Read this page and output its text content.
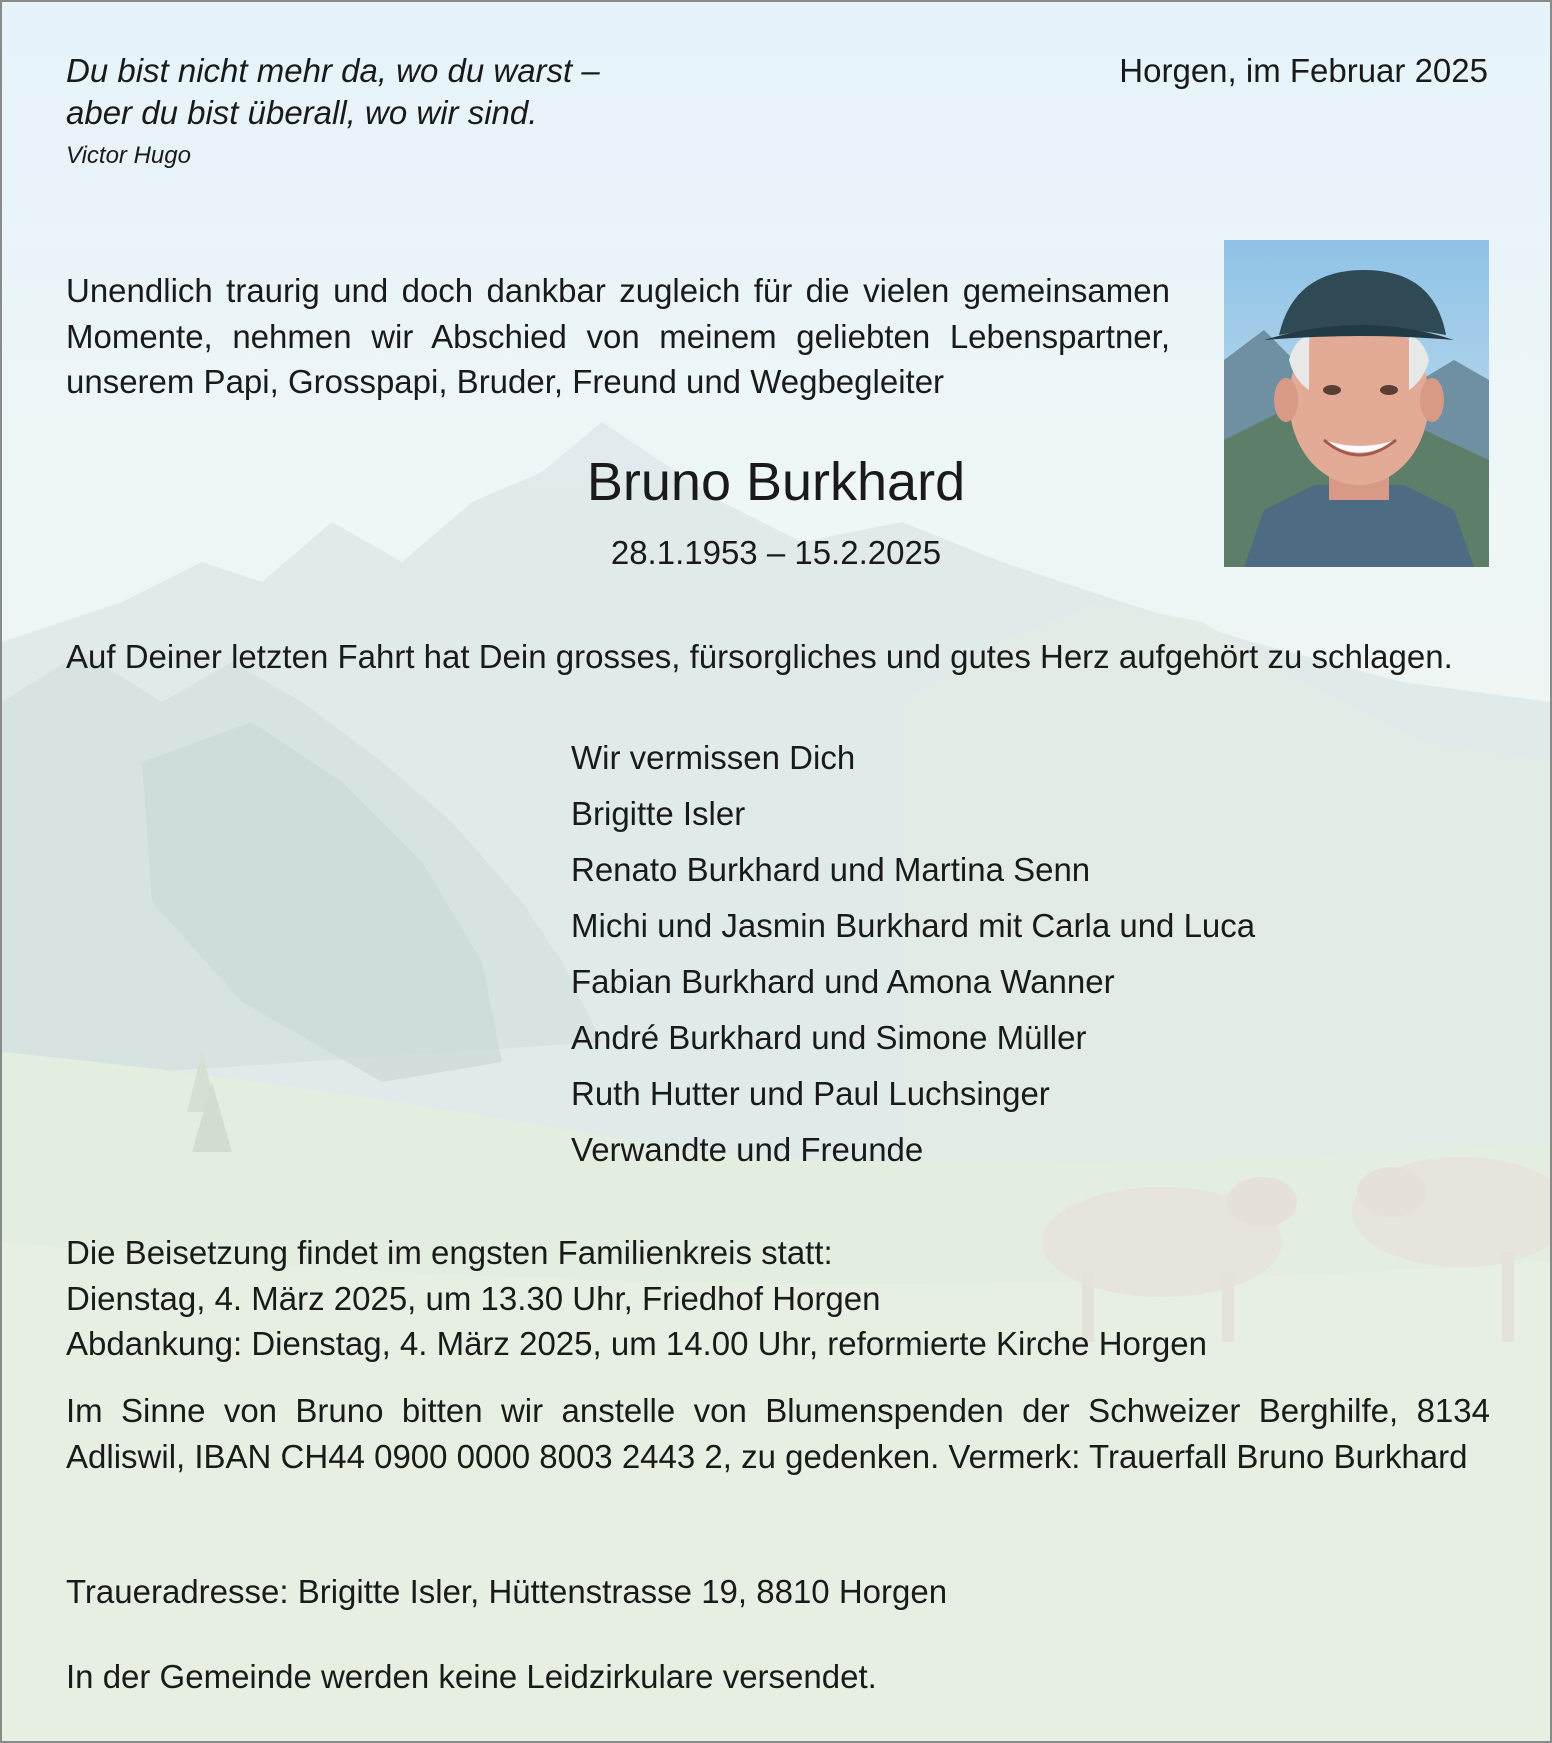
Du bist nicht mehr da, wo du warst –
aber du bist überall, wo wir sind.
Victor Hugo
Horgen, im Februar 2025
Unendlich traurig und doch dankbar zugleich für die vielen gemeinsamen Momente, nehmen wir Abschied von meinem geliebten Lebenspartner, unserem Papi, Grosspapi, Bruder, Freund und Wegbegleiter
Bruno Burkhard
28.1.1953 – 15.2.2025
Auf Deiner letzten Fahrt hat Dein grosses, fürsorgliches und gutes Herz aufgehört zu schlagen.
Wir vermissen Dich
Brigitte Isler
Renato Burkhard und Martina Senn
Michi und Jasmin Burkhard mit Carla und Luca
Fabian Burkhard und Amona Wanner
André Burkhard und Simone Müller
Ruth Hutter und Paul Luchsinger
Verwandte und Freunde
Die Beisetzung findet im engsten Familienkreis statt:
Dienstag, 4. März 2025, um 13.30 Uhr, Friedhof Horgen
Abdankung: Dienstag, 4. März 2025, um 14.00 Uhr, reformierte Kirche Horgen
Im Sinne von Bruno bitten wir anstelle von Blumenspenden der Schweizer Berghilfe, 8134 Adliswil, IBAN CH44 0900 0000 8003 2443 2, zu gedenken. Vermerk: Trauerfall Bruno Burkhard
Traueradresse: Brigitte Isler, Hüttenstrasse 19, 8810 Horgen
In der Gemeinde werden keine Leidzirkulare versendet.
